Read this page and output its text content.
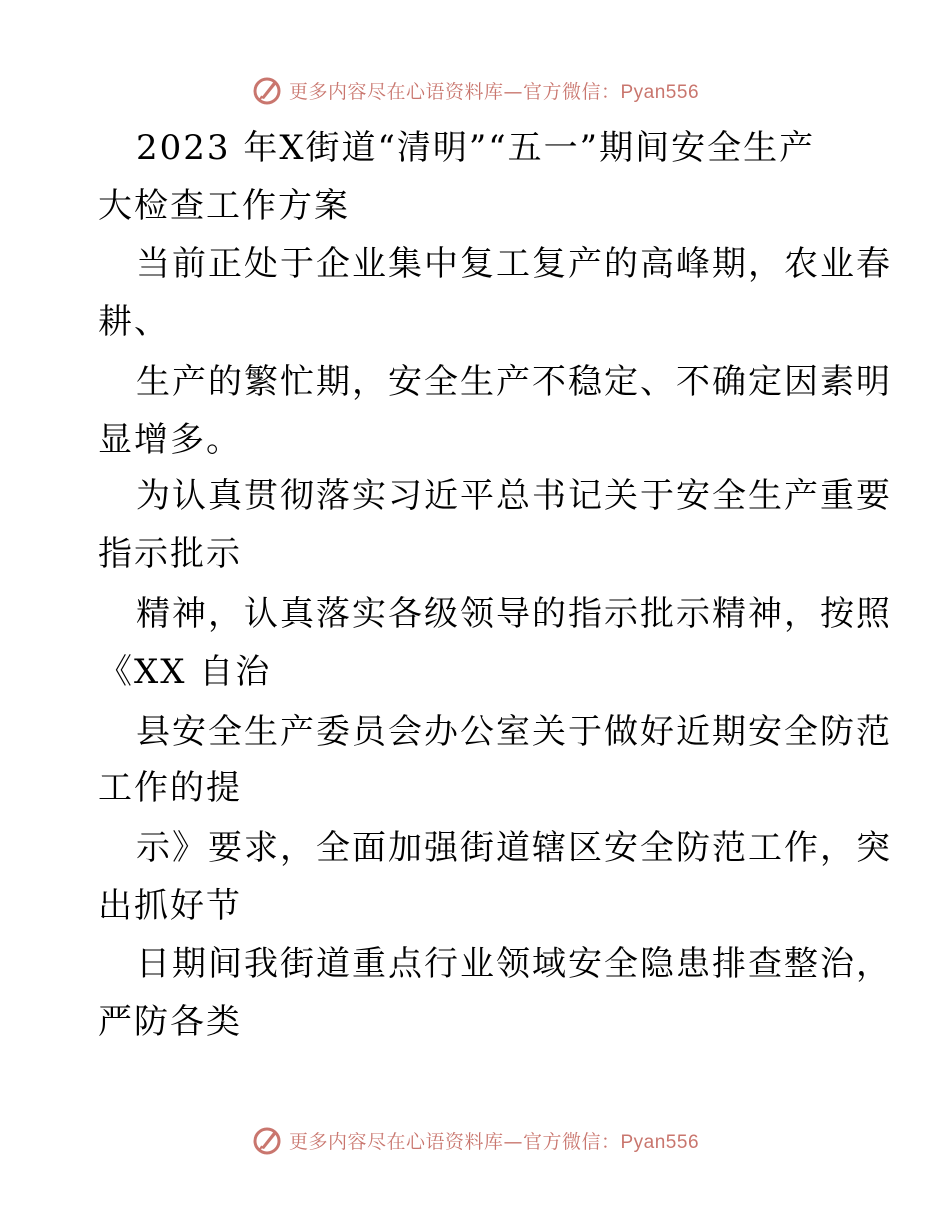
更多内容尽在心语资料库—官方微信：Pyan556
2023 年X街道“清明”“五一”期间安全生产
大检查工作方案
当前正处于企业集中复工复产的高峰期，农业春
耕、
生产的繁忙期，安全生产不稳定、不确定因素明
显增多。
为认真贯彻落实习近平总书记关于安全生产重要
指示批示
精神，认真落实各级领导的指示批示精神，按照
《XX 自治
县安全生产委员会办公室关于做好近期安全防范
工作的提
示》要求，全面加强街道辖区安全防范工作，突
出抓好节
日期间我街道重点行业领域安全隐患排查整治，
严防各类
更多内容尽在心语资料库—官方微信：Pyan556
